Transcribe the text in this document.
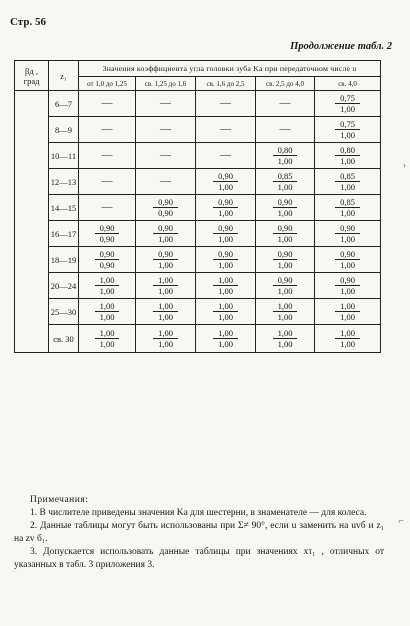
Стр. 56
Продолжение табл. 2
βд ,
град	z₁	Значения коэффициента угла головки зуба Kа при передаточном числе u				
		от 1,0 до 1,25	св. 1,25 до 1,6	св. 1,6 до 2,5	св. 2,5 до 4,0	св. 4,0
	6—7	—	—	—	—	$\frac{0,75}{1,00}$

	8—9	—	—	—	—	$\frac{0,75}{1,00}$

	10—11	—	—	—	$\frac{0,80}{1,00}$	$\frac{0,80}{1,00}$

	12—13	—	—	$\frac{0,90}{1,00}$	$\frac{0,85}{1,00}$	$\frac{0,85}{1,00}$

	14—15	—	$\frac{0,90}{0,90}$	$\frac{0,90}{1,00}$	$\frac{0,90}{1,00}$	$\frac{0,85}{1,00}$

	16—17	$\frac{0,90}{0,90}$	$\frac{0,90}{1,00}$	$\frac{0,90}{1,00}$	$\frac{0,90}{1,00}$	$\frac{0,90}{1,00}$

	18—19	$\frac{0,90}{0,90}$	$\frac{0,90}{1,00}$	$\frac{0,90}{1,00}$	$\frac{0,90}{1,00}$	$\frac{0,90}{1,00}$

	20—24	$\frac{1,00}{1,00}$	$\frac{1,00}{1,00}$	$\frac{1,00}{1,00}$	$\frac{0,90}{1,00}$	$\frac{0,90}{1,00}$

	25—30	$\frac{1,00}{1,00}$	$\frac{1,00}{1,00}$	$\frac{1,00}{1,00}$	$\frac{1,00}{1,00}$	$\frac{1,00}{1,00}$

	св. 30	$\frac{1,00}{1,00}$	$\frac{1,00}{1,00}$	$\frac{1,00}{1,00}$	$\frac{1,00}{1,00}$	$\frac{1,00}{1,00}$
Примечания:
1. В числителе приведены значения Kа для шестерни, в знаменателе — для колеса.
2. Данные таблицы могут быть использованы при Σ≠ 90°, если u заменить на uvб и z₁ на zv б₁.
3. Допускается использовать данные таблицы при значениях xτ₁ , отличных от указанных в табл. 3 приложения 3.
⌐
›
